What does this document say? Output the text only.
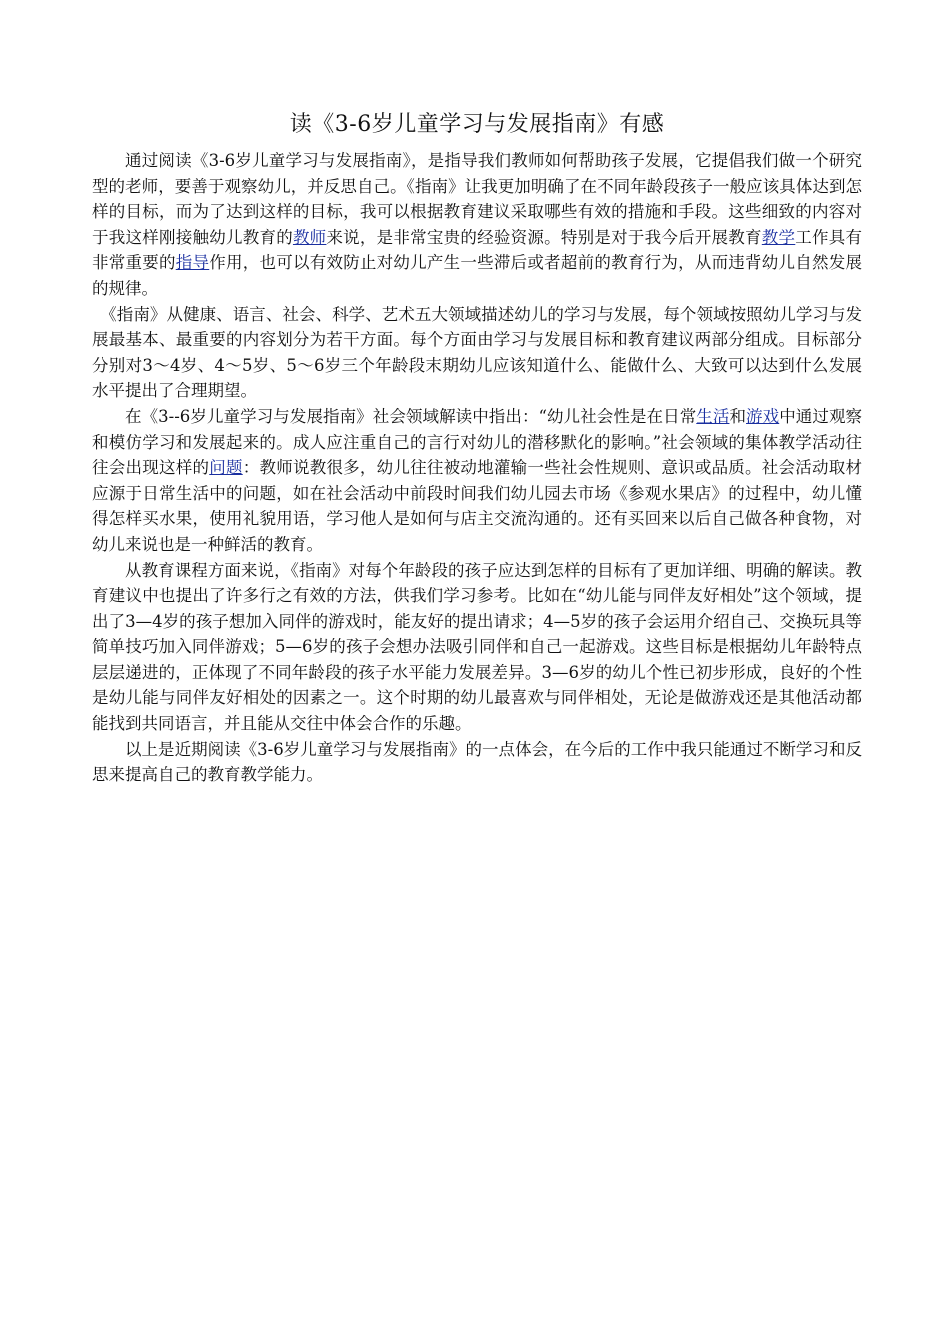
读《3-6岁儿童学习与发展指南》有感

通过阅读《3-6岁儿童学习与发展指南》，是指导我们教师如何帮助孩子发展，它提倡我们做一个研究型的老师，要善于观察幼儿，并反思自己。《指南》让我更加明确了在不同年龄段孩子一般应该具体达到怎样的目标，而为了达到这样的目标，我可以根据教育建议采取哪些有效的措施和手段。这些细致的内容对于我这样刚接触幼儿教育的教师来说，是非常宝贵的经验资源。特别是对于我今后开展教育教学工作具有非常重要的指导作用，也可以有效防止对幼儿产生一些滞后或者超前的教育行为，从而违背幼儿自然发展的规律。

《指南》从健康、语言、社会、科学、艺术五大领域描述幼儿的学习与发展，每个领域按照幼儿学习与发展最基本、最重要的内容划分为若干方面。每个方面由学习与发展目标和教育建议两部分组成。目标部分分别对3～4岁、4～5岁、5～6岁三个年龄段末期幼儿应该知道什么、能做什么、大致可以达到什么发展水平提出了合理期望。

在《3--6岁儿童学习与发展指南》社会领域解读中指出：“幼儿社会性是在日常生活和游戏中通过观察和模仿学习和发展起来的。成人应注重自己的言行对幼儿的潜移默化的影响。”社会领域的集体教学活动往往会出现这样的问题：教师说教很多，幼儿往往被动地灌输一些社会性规则、意识或品质。社会活动取材应源于日常生活中的问题，如在社会活动中前段时间我们幼儿园去市场《参观水果店》的过程中，幼儿懂得怎样买水果，使用礼貌用语，学习他人是如何与店主交流沟通的。还有买回来以后自己做各种食物，对幼儿来说也是一种鲜活的教育。

从教育课程方面来说，《指南》对每个年龄段的孩子应达到怎样的目标有了更加详细、明确的解读。教育建议中也提出了许多行之有效的方法，供我们学习参考。比如在“幼儿能与同伴友好相处”这个领域，提出了3—4岁的孩子想加入同伴的游戏时，能友好的提出请求；4—5岁的孩子会运用介绍自己、交换玩具等简单技巧加入同伴游戏；5—6岁的孩子会想办法吸引同伴和自己一起游戏。这些目标是根据幼儿年龄特点层层递进的，正体现了不同年龄段的孩子水平能力发展差异。3—6岁的幼儿个性已初步形成，良好的个性是幼儿能与同伴友好相处的因素之一。这个时期的幼儿最喜欢与同伴相处，无论是做游戏还是其他活动都能找到共同语言，并且能从交往中体会合作的乐趣。

以上是近期阅读《3-6岁儿童学习与发展指南》的一点体会，在今后的工作中我只能通过不断学习和反思来提高自己的教育教学能力。
